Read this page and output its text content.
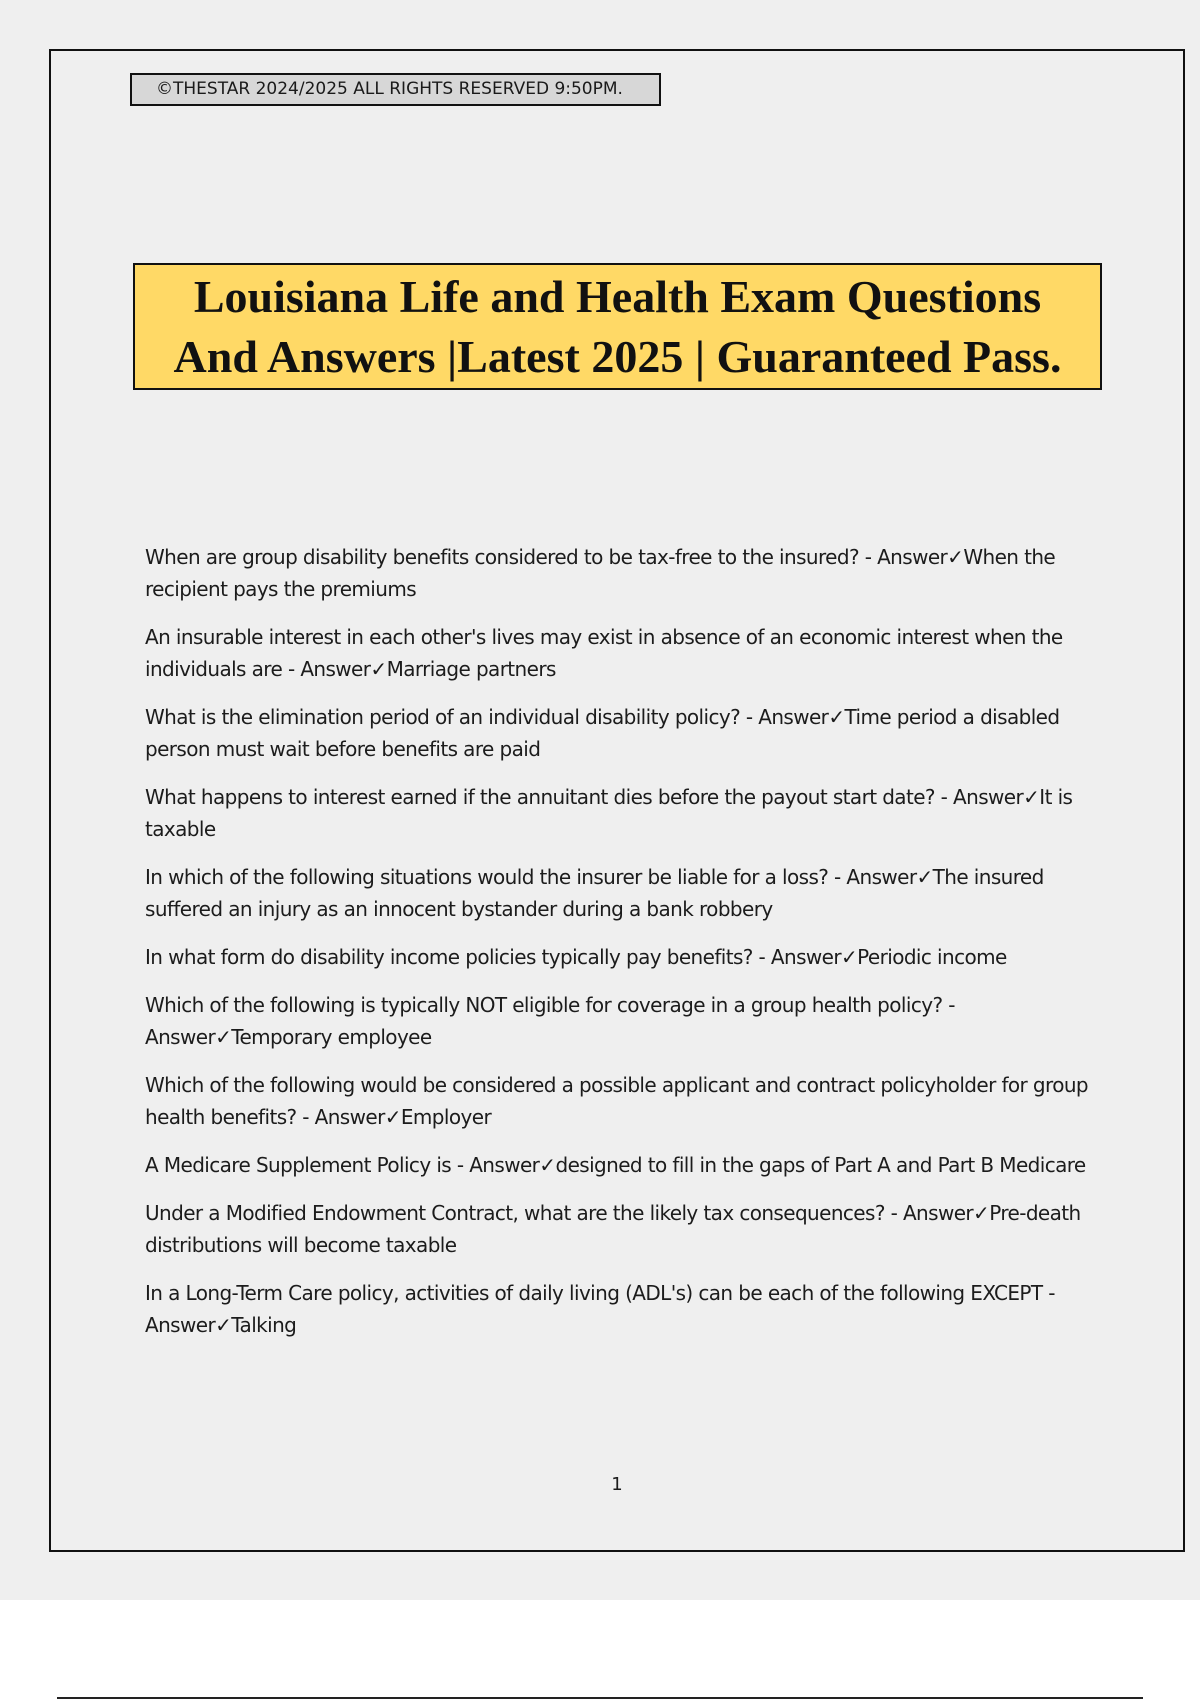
©THESTAR 2024/2025 ALL RIGHTS RESERVED 9:50PM.
Louisiana Life and Health Exam Questions
And Answers |Latest 2025 | Guaranteed Pass.

When are group disability benefits considered to be tax-free to the insured? - Answer✓When the recipient pays the premiums

An insurable interest in each other's lives may exist in absence of an economic interest when the individuals are - Answer✓Marriage partners

What is the elimination period of an individual disability policy? - Answer✓Time period a disabled person must wait before benefits are paid

What happens to interest earned if the annuitant dies before the payout start date? - Answer✓It is taxable

In which of the following situations would the insurer be liable for a loss? - Answer✓The insured suffered an injury as an innocent bystander during a bank robbery

In what form do disability income policies typically pay benefits? - Answer✓Periodic income

Which of the following is typically NOT eligible for coverage in a group health policy? - Answer✓Temporary employee

Which of the following would be considered a possible applicant and contract policyholder for group health benefits? - Answer✓Employer

A Medicare Supplement Policy is - Answer✓designed to fill in the gaps of Part A and Part B Medicare

Under a Modified Endowment Contract, what are the likely tax consequences? - Answer✓Pre-death distributions will become taxable

In a Long-Term Care policy, activities of daily living (ADL's) can be each of the following EXCEPT - Answer✓Talking

1
